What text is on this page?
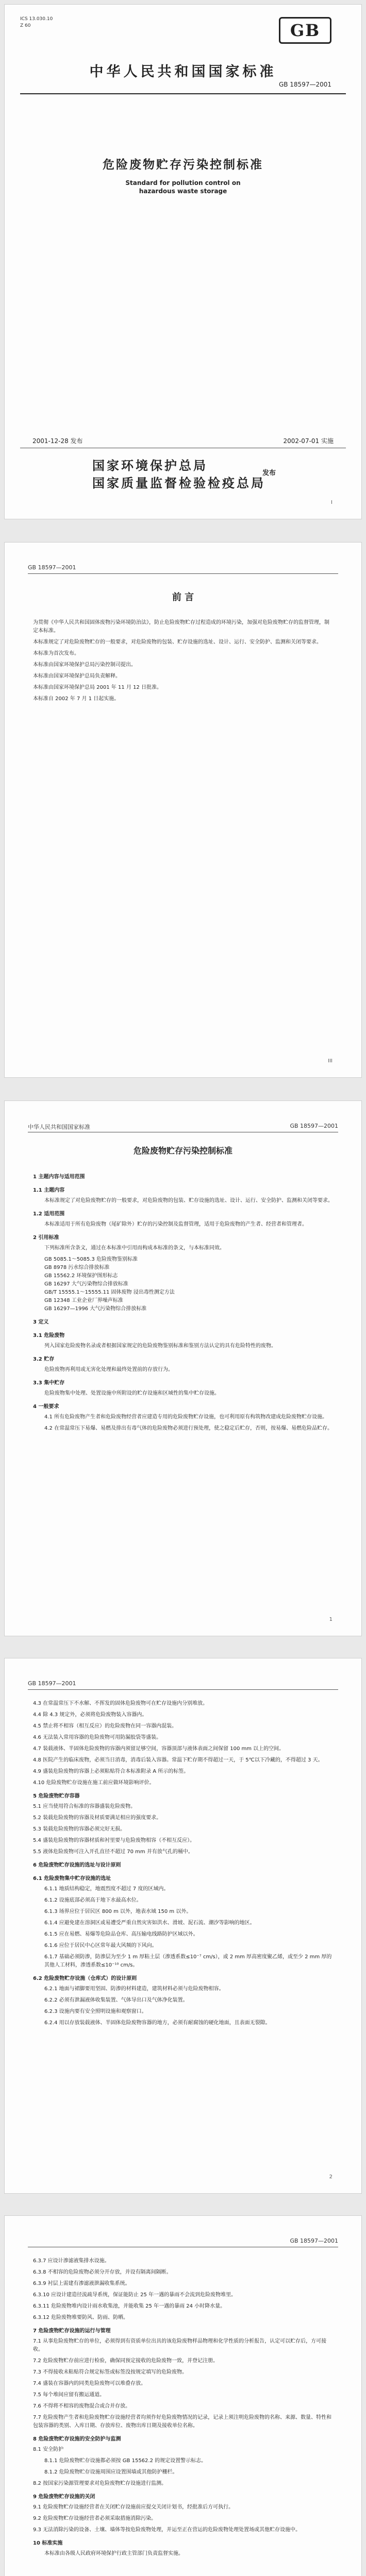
ICS 13.030.10
Z 60	GB
中华人民共和国国家标准
GB 18597—2001
危险废物贮存污染控制标准
Standard for pollution control on
hazardous waste storage
2001-12-28 发布	2002-07-01 实施
国家环境保护总局
国家质量监督检验检疫总局
发布
I
GB 18597—2001
前 言

为贯彻《中华人民共和国固体废物污染环境防治法》，防止危险废物贮存过程造成的环境污染，加强对危险废物贮存的监督管理，制定本标准。

本标准规定了对危险废物贮存的一般要求，对危险废物的包装、贮存设施的选址、设计、运行、安全防护、监测和关闭等要求。

本标准为首次发布。

本标准由国家环境保护总局污染控制司提出。

本标准由国家环境保护总局负责解释。

本标准由国家环境保护总局 2001 年 11 月 12 日批准。

本标准自 2002 年 7 月 1 日起实施。

III
中华人民共和国国家标准	GB 18597—2001
危险废物贮存污染控制标准
1 主题内容与适用范围
1.1 主题内容

本标准规定了对危险废物贮存的一般要求，对危险废物的包装、贮存设施的选址、设计、运行、安全防护、监测和关闭等要求。

1.2 适用范围

本标准适用于所有危险废物（尾矿除外）贮存的污染控制及监督管理，适用于危险废物的产生者、经营者和管理者。

2 引用标准

下列标准所含条文，通过在本标准中引用而构成本标准的条文，与本标准同效。

GB 5085.1～5085.3 危险废物鉴别标准

GB 8978 污水综合排放标准

GB 15562.2 环境保护图形标志

GB 16297 大气污染物综合排放标准

GB/T 15555.1～15555.11 固体废物 浸出毒性测定方法

GB 12348 工业企业厂界噪声标准

GB 16297—1996 大气污染物综合排放标准

3 定义
3.1 危险废物

列入国家危险废物名录或者根据国家规定的危险废物鉴别标准和鉴别方法认定的具有危险特性的废物。

3.2 贮存

危险废物再利用或无害化处理和最终处置前的存放行为。

3.3 集中贮存

危险废物集中处理、处置设施中所附设的贮存设施和区域性的集中贮存设施。

4 一般要求

4.1 所有危险废物产生者和危险废物经营者应建造专用的危险废物贮存设施，也可利用原有构筑物改建成危险废物贮存设施。

4.2 在常温常压下易爆、易燃及排出有毒气体的危险废物必须进行预处理，使之稳定后贮存，否则，按易爆、易燃危险品贮存。

1
GB 18597—2001

4.3 在常温常压下不水解、不挥发的固体危险废物可在贮存设施内分别堆放。

4.4 除 4.3 规定外，必须将危险废物装入容器内。

4.5 禁止将不相容（相互反应）的危险废物在同一容器内混装。

4.6 无法装入常用容器的危险废物可用防漏胶袋等盛装。

4.7 装载液体、半固体危险废物的容器内须留足够空间，容器顶部与液体表面之间保留 100 mm 以上的空间。

4.8 医院产生的临床废物，必须当日消毒，消毒后装入容器。常温下贮存期不得超过一天，于 5℃以下冷藏的，不得超过 3 天。

4.9 盛装危险废物的容器上必须粘贴符合本标准附录 A 所示的标签。

4.10 危险废物贮存设施在施工前应做环境影响评价。

5 危险废物贮存容器

5.1 应当使用符合标准的容器盛装危险废物。

5.2 装载危险废物的容器及材质要满足相应的强度要求。

5.3 装载危险废物的容器必须完好无损。

5.4 盛装危险废物的容器材质和衬里要与危险废物相容（不相互反应）。

5.5 液体危险废物可注入开孔直径不超过 70 mm 并有放气孔的桶中。

6 危险废物贮存设施的选址与设计原则
6.1 危险废物集中贮存设施的选址

6.1.1 地质结构稳定，地震烈度不超过 7 度的区域内。

6.1.2 设施底部必须高于地下水最高水位。

6.1.3 场界应位于居民区 800 m 以外，地表水域 150 m 以外。

6.1.4 应避免建在溶洞区或易遭受严重自然灾害如洪水、滑坡、泥石流、潮汐等影响的地区。

6.1.5 应在易燃、易爆等危险品仓库、高压输电线路防护区域以外。

6.1.6 应位于居民中心区常年最大风频的下风向。

6.1.7 基础必须防渗，防渗层为至少 1 m 厚粘土层（渗透系数≤10⁻⁷ cm/s），或 2 mm 厚高密度聚乙烯，或至少 2 mm 厚的其他人工材料，渗透系数≤10⁻¹⁰ cm/s。

6.2 危险废物贮存设施（仓库式）的设计原则

6.2.1 地面与裙脚要用坚固、防渗的材料建造，建筑材料必须与危险废物相容。

6.2.2 必须有泄漏液体收集装置、气体导出口及气体净化装置。

6.2.3 设施内要有安全照明设施和观察窗口。

6.2.4 用以存放装载液体、半固体危险废物容器的地方，必须有耐腐蚀的硬化地面，且表面无裂隙。

2
GB 18597—2001

6.3.7 应设计渗滤液集排水设施。

6.3.8 不相容的危险废物必须分开存放，并设有隔离间隔断。

6.3.9 衬层上需建有渗滤液泄漏收集系统。

6.3.10 应设计建造径流疏导系统，保证能防止 25 年一遇的暴雨不会流到危险废物堆里。

6.3.11 危险废物堆内设计雨水收集池，并能收集 25 年一遇的暴雨 24 小时降水量。

6.3.12 危险废物堆要防风、防雨、防晒。

7 危险废物贮存设施的运行与管理

7.1 从事危险废物贮存的单位，必须得到有资质单位出具的该危险废物样品物理和化学性质的分析报告，认定可以贮存后，方可接收。

7.2 危险废物贮存前应进行检验，确保同预定接收的危险废物一致，并登记注册。

7.3 不得接收未粘贴符合规定标签或标签没按规定填写的危险废物。

7.4 盛装在容器内的同类危险废物可以堆叠存放。

7.5 每个堆间应留有搬运通道。

7.6 不得将不相容的废物混合或合并存放。

7.7 危险废物产生者和危险废物贮存设施经营者均须作好危险废物情况的记录，记录上须注明危险废物的名称、来源、数量、特性和包装容器的类别、入库日期、存放库位、废物出库日期及接收单位名称。

8 危险废物贮存设施的安全防护与监测

8.1 安全防护

8.1.1 危险废物贮存设施都必须按 GB 15562.2 的规定设置警示标志。

8.1.2 危险废物贮存设施周围应设置围墙或其他防护栅栏。

8.2 按国家污染源管理要求对危险废物贮存设施进行监测。

9 危险废物贮存设施的关闭

9.1 危险废物贮存设施经营者在关闭贮存设施前应提交关闭计划书，经批准后方可执行。

9.2 危险废物贮存设施经营者必须采取措施消除污染。

9.3 无法消除污染的设备、土壤、墙体等按危险废物处理，并运至正在营运的危险废物处理处置场或其他贮存设施中。

10 标准实施

本标准由各级人民政府环境保护行政主管部门负责监督实施。
